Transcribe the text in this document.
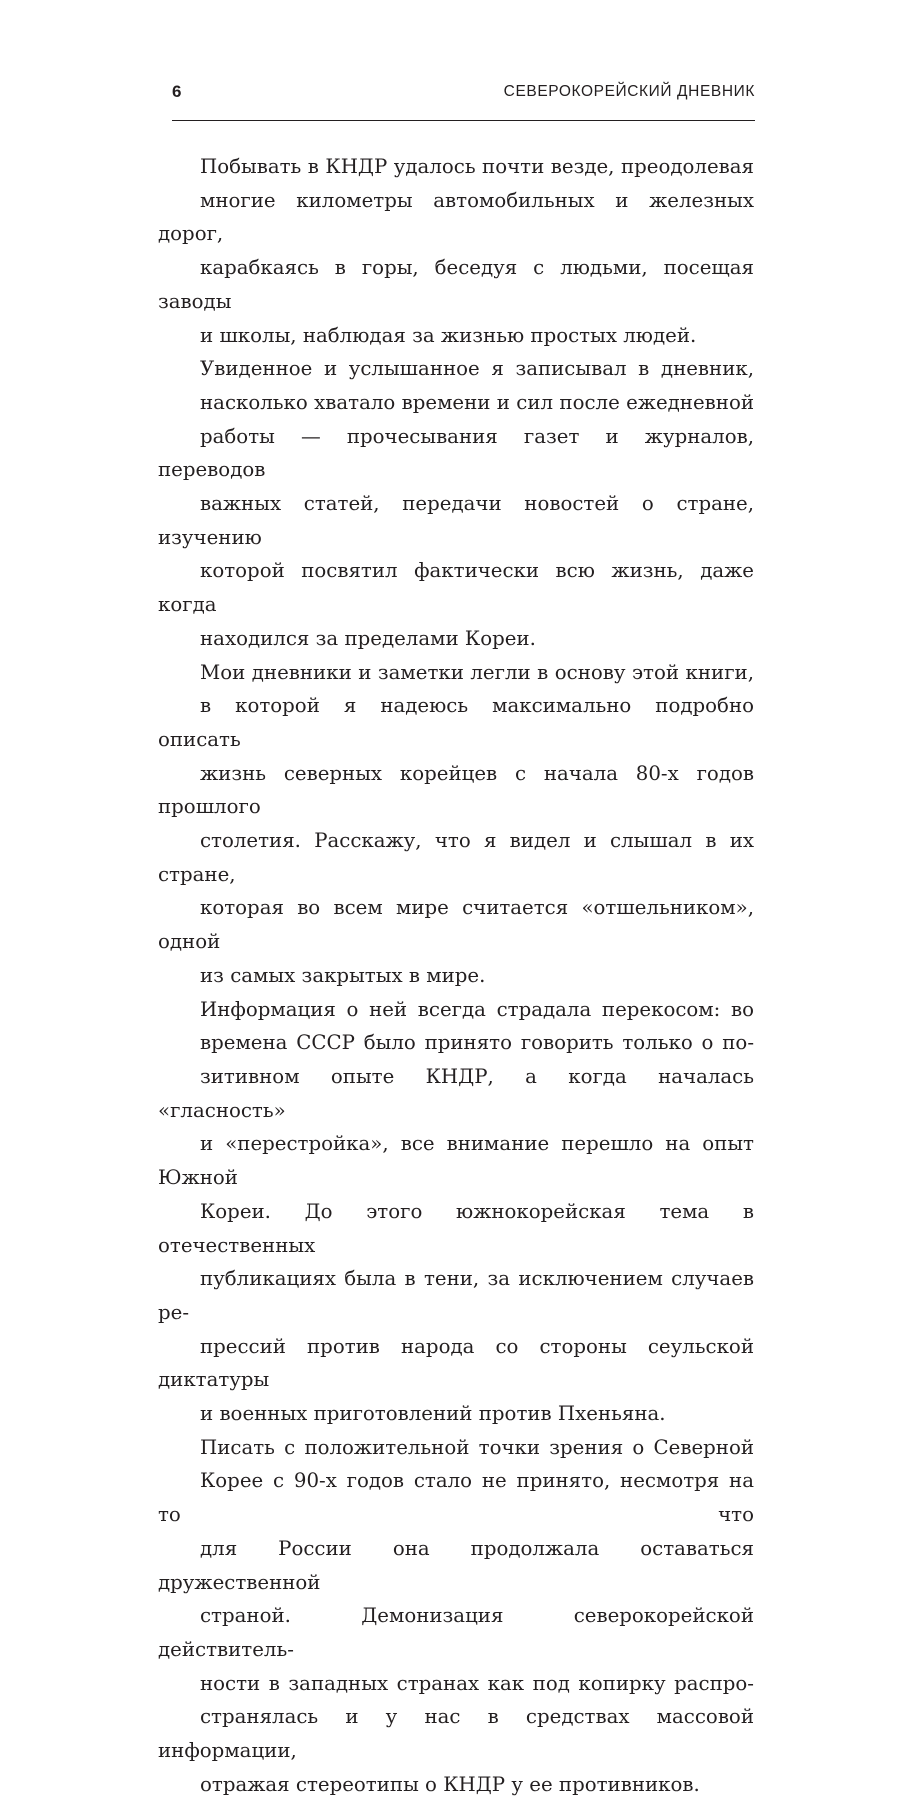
6	СЕВЕРОКОРЕЙСКИЙ ДНЕВНИК

Побывать в КНДР удалось почти везде, преодолевая
многие километры автомобильных и железных дорог,
карабкаясь в горы, беседуя с людьми, посещая заводы
и школы, наблюдая за жизнью простых людей.

Увиденное и услышанное я записывал в дневник,
насколько хватало времени и сил после ежедневной
работы — прочесывания газет и журналов, переводов
важных статей, передачи новостей о стране, изучению
которой посвятил фактически всю жизнь, даже когда
находился за пределами Кореи.

Мои дневники и заметки легли в основу этой книги,
в которой я надеюсь максимально подробно описать
жизнь северных корейцев с начала 80-х годов прошлого
столетия. Расскажу, что я видел и слышал в их стране,
которая во всем мире считается «отшельником», одной
из самых закрытых в мире.

Информация о ней всегда страдала перекосом: во
времена СССР было принято говорить только о по-
зитивном опыте КНДР, а когда началась «гласность»
и «перестройка», все внимание перешло на опыт Южной
Кореи. До этого южнокорейская тема в отечественных
публикациях была в тени, за исключением случаев ре-
прессий против народа со стороны сеульской диктатуры
и военных приготовлений против Пхеньяна.

Писать с положительной точки зрения о Северной
Корее с 90-х годов стало не принято, несмотря на то что
для России она продолжала оставаться дружественной
страной. Демонизация северокорейской действитель-
ности в западных странах как под копирку распро-
странялась и у нас в средствах массовой информации,
отражая стереотипы о КНДР у ее противников.
